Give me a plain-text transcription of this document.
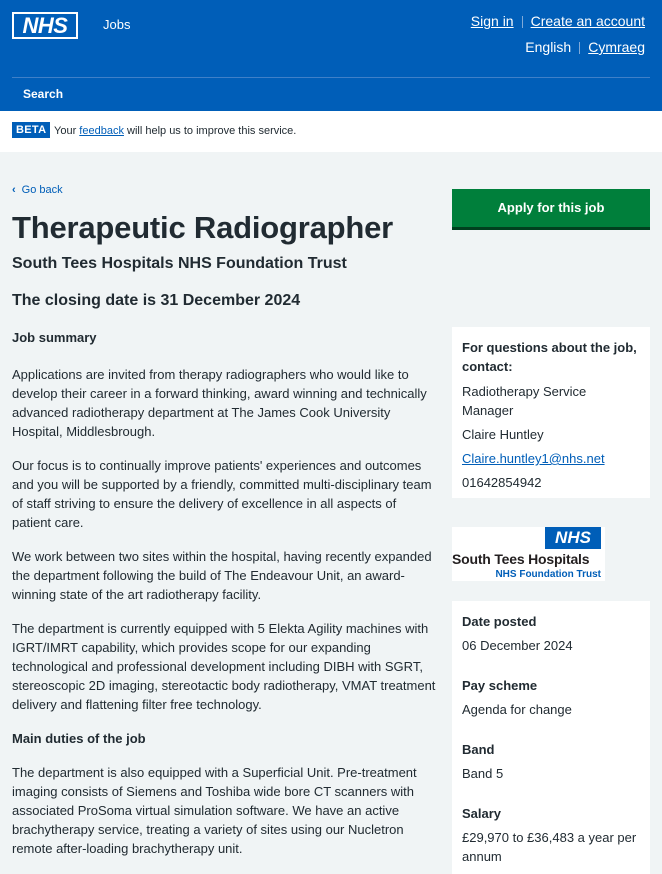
NHS	Jobs	Sign in Create an account
English Cymraeg
Search
BETA Your feedback will help us to improve this service.
‹ Go back
Therapeutic Radiographer
South Tees Hospitals NHS Foundation Trust
The closing date is 31 December 2024
Job summary

Applications are invited from therapy radiographers who would like to develop their career in a forward thinking, award winning and technically advanced radiotherapy department at The James Cook University Hospital, Middlesbrough.

Our focus is to continually improve patients' experiences and outcomes and you will be supported by a friendly, committed multi-disciplinary team of staff striving to ensure the delivery of excellence in all aspects of patient care.

We work between two sites within the hospital, having recently expanded the department following the build of The Endeavour Unit, an award-winning state of the art radiotherapy facility.

The department is currently equipped with 5 Elekta Agility machines with IGRT/IMRT capability, which provides scope for our expanding technological and professional development including DIBH with SGRT, stereoscopic 2D imaging, stereotactic body radiotherapy, VMAT treatment delivery and flattening filter free technology.

Main duties of the job

The department is also equipped with a Superficial Unit. Pre-treatment imaging consists of Siemens and Toshiba wide bore CT scanners with associated ProSoma virtual simulation software. We have an active brachytherapy service, treating a variety of sites using our Nucletron remote after-loading brachytherapy unit.

Apply for this job
For questions about the job, contact:
Radiotherapy Service Manager
Claire Huntley
Claire.huntley1@nhs.net
01642854942
NHS
South Tees Hospitals
NHS Foundation Trust
Date posted
06 December 2024
Pay scheme
Agenda for change
Band
Band 5
Salary
£29,970 to £36,483 a year per annum
